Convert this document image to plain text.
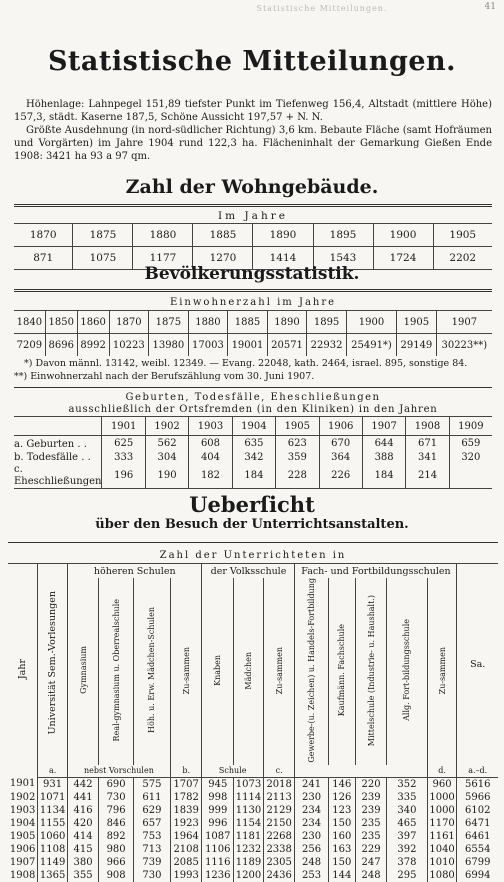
Statistische Mitteilungen.	41
Statistische Mitteilungen.
Höhenlage: Lahnpegel 151,89 tiefster Punkt im Tiefenweg 156,4, Altstadt (mittlere Höhe) 157,3, städt. Kaserne 187,5, Schöne Aussicht 197,57 + N. N.
Größte Ausdehnung (in nord-südlicher Richtung) 3,6 km. Bebaute Fläche (samt Hofräumen und Vorgärten) im Jahre 1904 rund 122,3 ha. Flächeninhalt der Gemarkung Gießen Ende 1908: 3421 ha 93 a 97 qm.
Zahl der Wohngebäude.
Im Jahre							
1870	1875	1880	1885	1890	1895	1900	1905
871	1075	1177	1270	1414	1543	1724	2202
Bevölkerungsstatistik.
Einwohnerzahl im Jahre											
1840	1850	1860	1870	1875	1880	1885	1890	1895	1900	1905	1907
7209	8696	8992	10223	13980	17003	19001	20571	22932	25491*)	29149	30223**)
*) Davon männl. 13142, weibl. 12349. — Evang. 22048, kath. 2464, israel. 895, sonstige 84.
**) Einwohnerzahl nach der Berufszählung vom 30. Juni 1907.
Geburten, Todesfälle, Eheschließungen									
ausschließlich der Ortsfremden (in den Kliniken) in den Jahren									
	1901	1902	1903	1904	1905	1906	1907	1908	1909
a. Geburten . .	625	562	608	635	623	670	644	671	659
b. Todesfälle . .	333	304	404	342	359	364	388	341	320
c. Eheschließungen	196	190	182	184	228	226	184	214	
Ueberſicht
über den Besuch der Unterrichtsanstalten.
Zahl der Unterrichteten in														
Jahr	Universität Sem.-Vorlesungen	höheren Schulen				der Volksschule			Fach- und Fortbildungsschulen					Sa.
		Gymnasium	Real-gymnasium u. Oberrealschule	Höh. u. Erw. Mädchen-Schulen	Zu-sammen	Knaben	Mädchen	Zu-sammen	Gewerbe-(u. Zeichen) u. Handels-Fortbildung	Kaufmänn. Fachschule	Mittelschule (Industrie- u. Haushalt.)	Allg. Fort-bildungsschule	Zu-sammen	
	a.	nebst Vorschulen			b.	Schule		c.					d.	a.–d.
1901	931	442	690	575	1707	945	1073	2018	241	146	220	352	960	5616
1902	1071	441	730	611	1782	998	1114	2113	230	126	239	335	1000	5966
1903	1134	416	796	629	1839	999	1130	2129	234	123	239	340	1000	6102
1904	1155	420	846	657	1923	996	1154	2150	234	150	235	465	1170	6471
1905	1060	414	892	753	1964	1087	1181	2268	230	160	235	397	1161	6461
1906	1108	415	980	713	2108	1106	1232	2338	256	163	229	392	1040	6554
1907	1149	380	966	739	2085	1116	1189	2305	248	150	247	378	1010	6799
1908	1365	355	908	730	1993	1236	1200	2436	253	144	248	295	1080	6994
